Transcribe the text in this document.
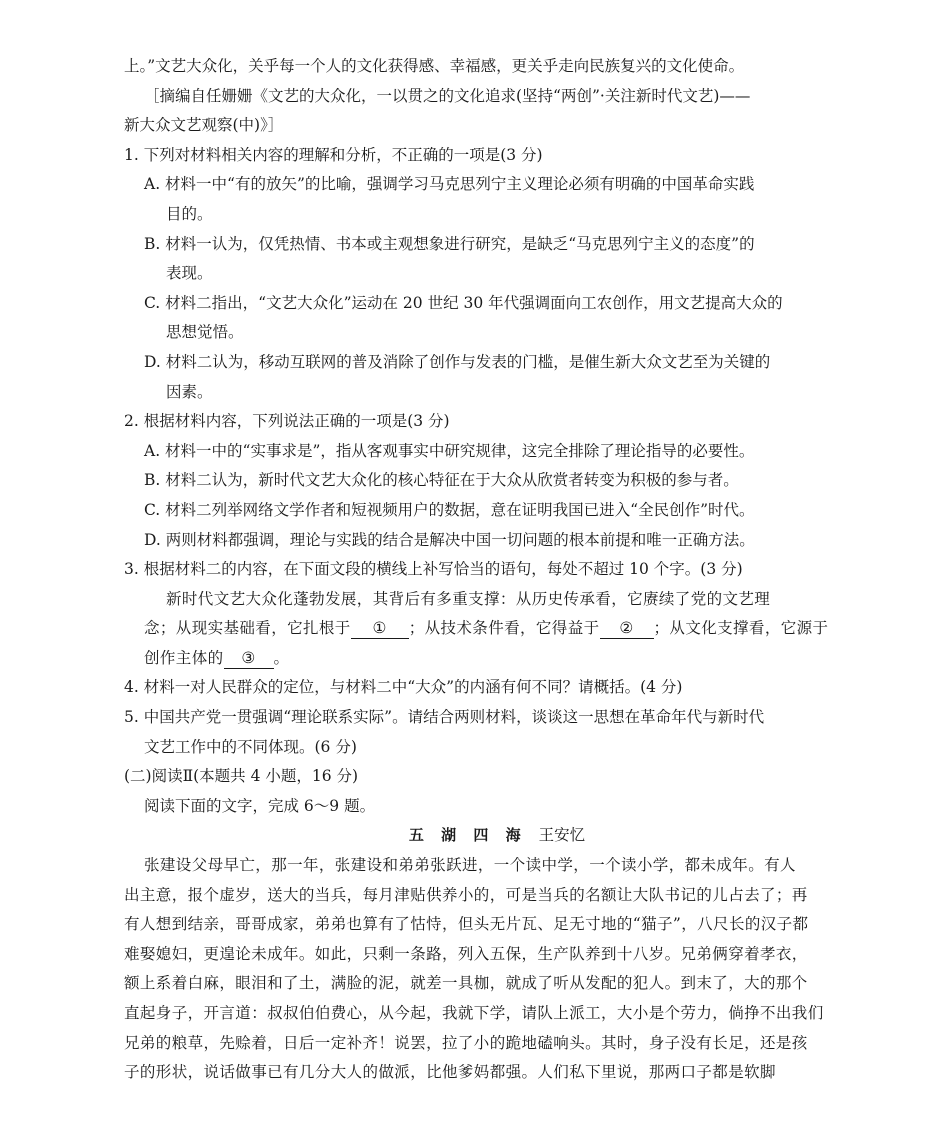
上。”文艺大众化，关乎每一个人的文化获得感、幸福感，更关乎走向民族复兴的文化使命。
［摘编自任姗姗《文艺的大众化，一以贯之的文化追求(坚持“两创”·关注新时代文艺)——
新大众文艺观察(中)》］
1. 下列对材料相关内容的理解和分析，不正确的一项是(3 分)
A. 材料一中“有的放矢”的比喻，强调学习马克思列宁主义理论必须有明确的中国革命实践
目的。
B. 材料一认为，仅凭热情、书本或主观想象进行研究，是缺乏“马克思列宁主义的态度”的
表现。
C. 材料二指出，“文艺大众化”运动在 20 世纪 30 年代强调面向工农创作，用文艺提高大众的
思想觉悟。
D. 材料二认为，移动互联网的普及消除了创作与发表的门槛，是催生新大众文艺至为关键的
因素。
2. 根据材料内容，下列说法正确的一项是(3 分)
A. 材料一中的“实事求是”，指从客观事实中研究规律，这完全排除了理论指导的必要性。
B. 材料二认为，新时代文艺大众化的核心特征在于大众从欣赏者转变为积极的参与者。
C. 材料二列举网络文学作者和短视频用户的数据，意在证明我国已进入“全民创作”时代。
D. 两则材料都强调，理论与实践的结合是解决中国一切问题的根本前提和唯一正确方法。
3. 根据材料二的内容，在下面文段的横线上补写恰当的语句，每处不超过 10 个字。(3 分)
新时代文艺大众化蓬勃发展，其背后有多重支撑：从历史传承看，它赓续了党的文艺理
念；从现实基础看，它扎根于 ① ；从技术条件看，它得益于 ② ；从文化支撑看，它源于
创作主体的 ③ 。
4. 材料一对人民群众的定位，与材料二中“大众”的内涵有何不同？请概括。(4 分)
5. 中国共产党一贯强调“理论联系实际”。请结合两则材料，谈谈这一思想在革命年代与新时代
文艺工作中的不同体现。(6 分)
(二)阅读Ⅱ(本题共 4 小题，16 分)
阅读下面的文字，完成 6～9 题。
五 湖 四 海 王安忆
张建设父母早亡，那一年，张建设和弟弟张跃进，一个读中学，一个读小学，都未成年。有人
出主意，报个虚岁，送大的当兵，每月津贴供养小的，可是当兵的名额让大队书记的儿占去了；再
有人想到结亲，哥哥成家，弟弟也算有了怙恃，但头无片瓦、足无寸地的“猫子”，八尺长的汉子都
难娶媳妇，更遑论未成年。如此，只剩一条路，列入五保，生产队养到十八岁。兄弟俩穿着孝衣，
额上系着白麻，眼泪和了土，满脸的泥，就差一具枷，就成了听从发配的犯人。到末了，大的那个
直起身子，开言道：叔叔伯伯费心，从今起，我就下学，请队上派工，大小是个劳力，倘挣不出我们
兄弟的粮草，先赊着，日后一定补齐！说罢，拉了小的跪地磕响头。其时，身子没有长足，还是孩
子的形状，说话做事已有几分大人的做派，比他爹妈都强。人们私下里说，那两口子都是软脚
